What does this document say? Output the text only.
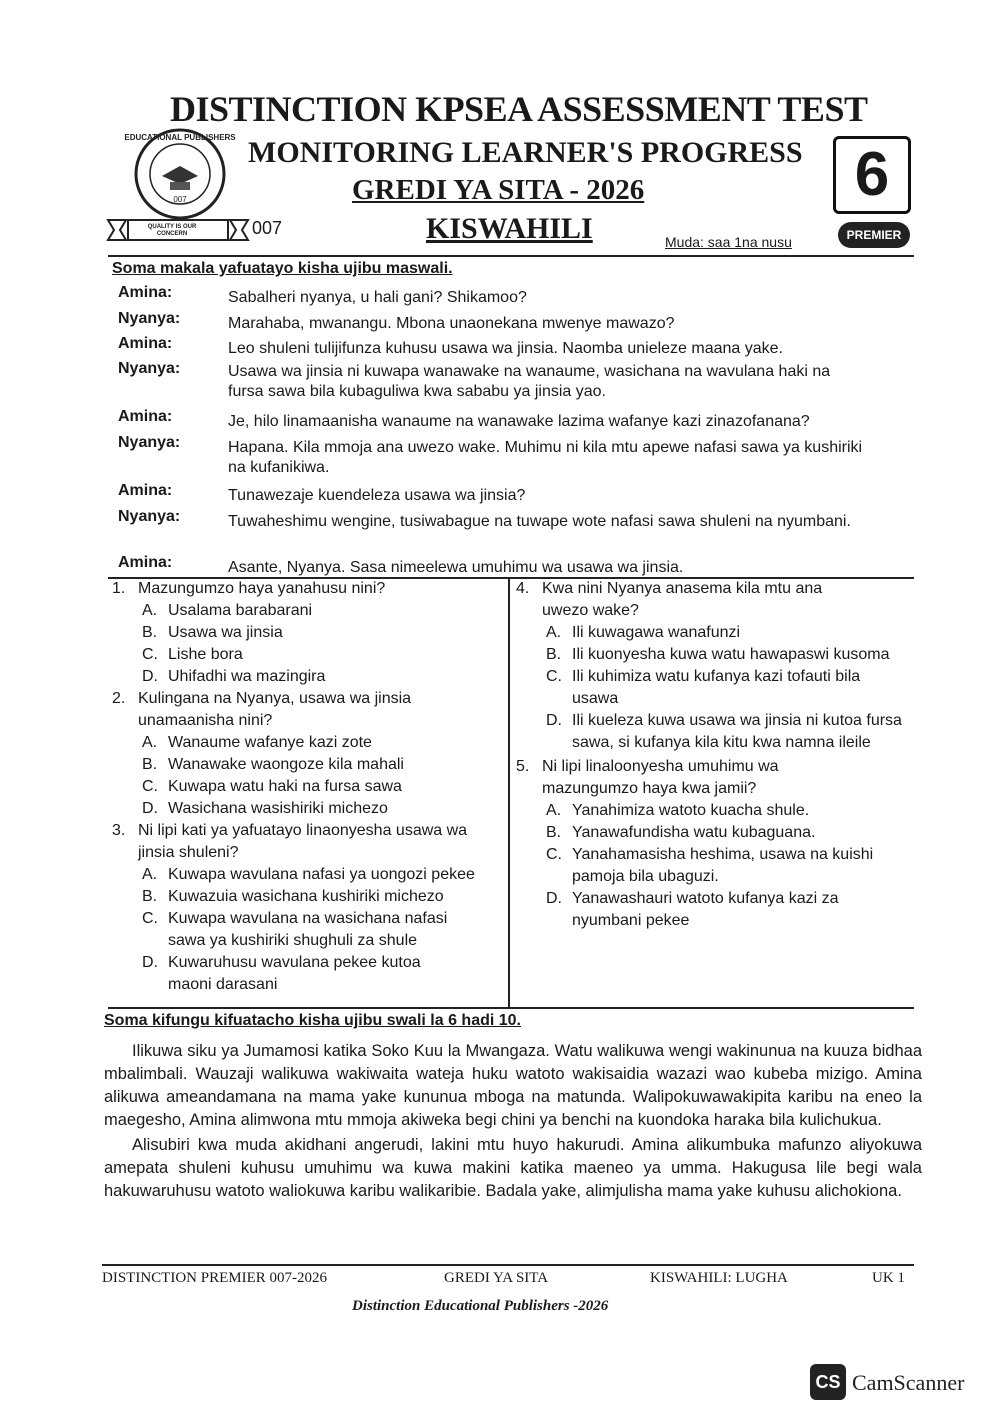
EDUCATIONAL PUBLISHERS
007
QUALITY IS OUR CONCERN	007
DISTINCTION KPSEA ASSESSMENT TEST
MONITORING LEARNER'S PROGRESS
GREDI YA SITA - 2026
KISWAHILI	Muda: saa 1na nusu
6
PREMIER
Soma makala yafuatayo kisha ujibu maswali.
Amina:	Sabalheri nyanya, u hali gani? Shikamoo?
Nyanya:	Marahaba, mwanangu. Mbona unaonekana mwenye mawazo?
Amina:	Leo shuleni tulijifunza kuhusu usawa wa jinsia. Naomba unieleze maana yake.
Nyanya:	Usawa wa jinsia ni kuwapa wanawake na wanaume, wasichana na wavulana haki na fursa sawa bila kubaguliwa kwa sababu ya jinsia yao.
Amina:	Je, hilo linamaanisha wanaume na wanawake lazima wafanye kazi zinazofanana?
Nyanya:	Hapana. Kila mmoja ana uwezo wake. Muhimu ni kila mtu apewe nafasi sawa ya kushiriki na kufanikiwa.
Amina:	Tunawezaje kuendeleza usawa wa jinsia?
Nyanya:	Tuwaheshimu wengine, tusiwabague na tuwape wote nafasi sawa shuleni na nyumbani.
Amina:	Asante, Nyanya. Sasa nimeelewa umuhimu wa usawa wa jinsia.
1. Mazungumzo haya yanahusu nini?
A. Usalama barabarani
B. Usawa wa jinsia
C. Lishe bora
D. Uhifadhi wa mazingira
2. Kulingana na Nyanya, usawa wa jinsia unamaanisha nini?
A. Wanaume wafanye kazi zote
B. Wanawake waongoze kila mahali
C. Kuwapa watu haki na fursa sawa
D. Wasichana wasishiriki michezo
3. Ni lipi kati ya yafuatayo linaonyesha usawa wa jinsia shuleni?
A. Kuwapa wavulana nafasi ya uongozi pekee
B. Kuwazuia wasichana kushiriki michezo
C. Kuwapa wavulana na wasichana nafasi sawa ya kushiriki shughuli za shule
D. Kuwaruhusu wavulana pekee kutoa maoni darasani
4. Kwa nini Nyanya anasema kila mtu ana uwezo wake?
A. Ili kuwagawa wanafunzi
B. Ili kuonyesha kuwa watu hawapaswi kusoma
C. Ili kuhimiza watu kufanya kazi tofauti bila usawa
D. Ili kueleza kuwa usawa wa jinsia ni kutoa fursa sawa, si kufanya kila kitu kwa namna ileile
5. Ni lipi linaloonyesha umuhimu wa mazungumzo haya kwa jamii?
A. Yanahimiza watoto kuacha shule.
B. Yanawafundisha watu kubaguana.
C. Yanahamasisha heshima, usawa na kuishi pamoja bila ubaguzi.
D. Yanawashauri watoto kufanya kazi za nyumbani pekee
Soma kifungu kifuatacho kisha ujibu swali la 6 hadi 10.

Ilikuwa siku ya Jumamosi katika Soko Kuu la Mwangaza. Watu walikuwa wengi wakinunua na kuuza bidhaa mbalimbali. Wauzaji walikuwa wakiwaita wateja huku watoto wakisaidia wazazi wao kubeba mizigo. Amina alikuwa ameandamana na mama yake kununua mboga na matunda. Walipokuwawakipita karibu na eneo la maegesho, Amina alimwona mtu mmoja akiweka begi chini ya benchi na kuondoka haraka bila kulichukua.

Alisubiri kwa muda akidhani angerudi, lakini mtu huyo hakurudi. Amina alikumbuka mafunzo aliyokuwa amepata shuleni kuhusu umuhimu wa kuwa makini katika maeneo ya umma. Hakugusa lile begi wala hakuwaruhusu watoto waliokuwa karibu walikaribie. Badala yake, alimjulisha mama yake kuhusu alichokiona.

DISTINCTION PREMIER 007-2026	GREDI YA SITA	KISWAHILI: LUGHA	UK 1
Distinction Educational Publishers -2026
CS CamScanner
